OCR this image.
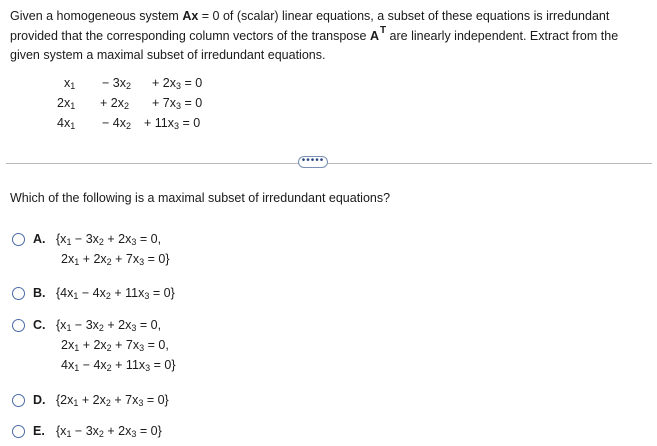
Given a homogeneous system Ax = 0 of (scalar) linear equations, a subset of these equations is irredundant
provided that the corresponding column vectors of the transpose $A^T$ are linearly independent. Extract from the
given system a maximal subset of irredundant equations.
$x_1 - 3x_2 + 2x_3 = 0$
$2x_1 + 2x_2 + 7x_3 = 0$
$4x_1 - 4x_2 + 11x_3 = 0$
•••••
Which of the following is a maximal subset of irredundant equations?
A. {$x_1 - 3x_2 + 2x_3 = 0$,
$2x_1 + 2x_2 + 7x_3 = 0$}
B. $\{4x_1 - 4x_2 + 11x_3 = 0\}$
C. {$x_1 - 3x_2 + 2x_3 = 0$,
$2x_1 + 2x_2 + 7x_3 = 0$,
$4x_1 - 4x_2 + 11x_3 = 0$}
D. $\{2x_1 + 2x_2 + 7x_3 = 0\}$
E. $\{x_1 - 3x_2 + 2x_3 = 0\}$
